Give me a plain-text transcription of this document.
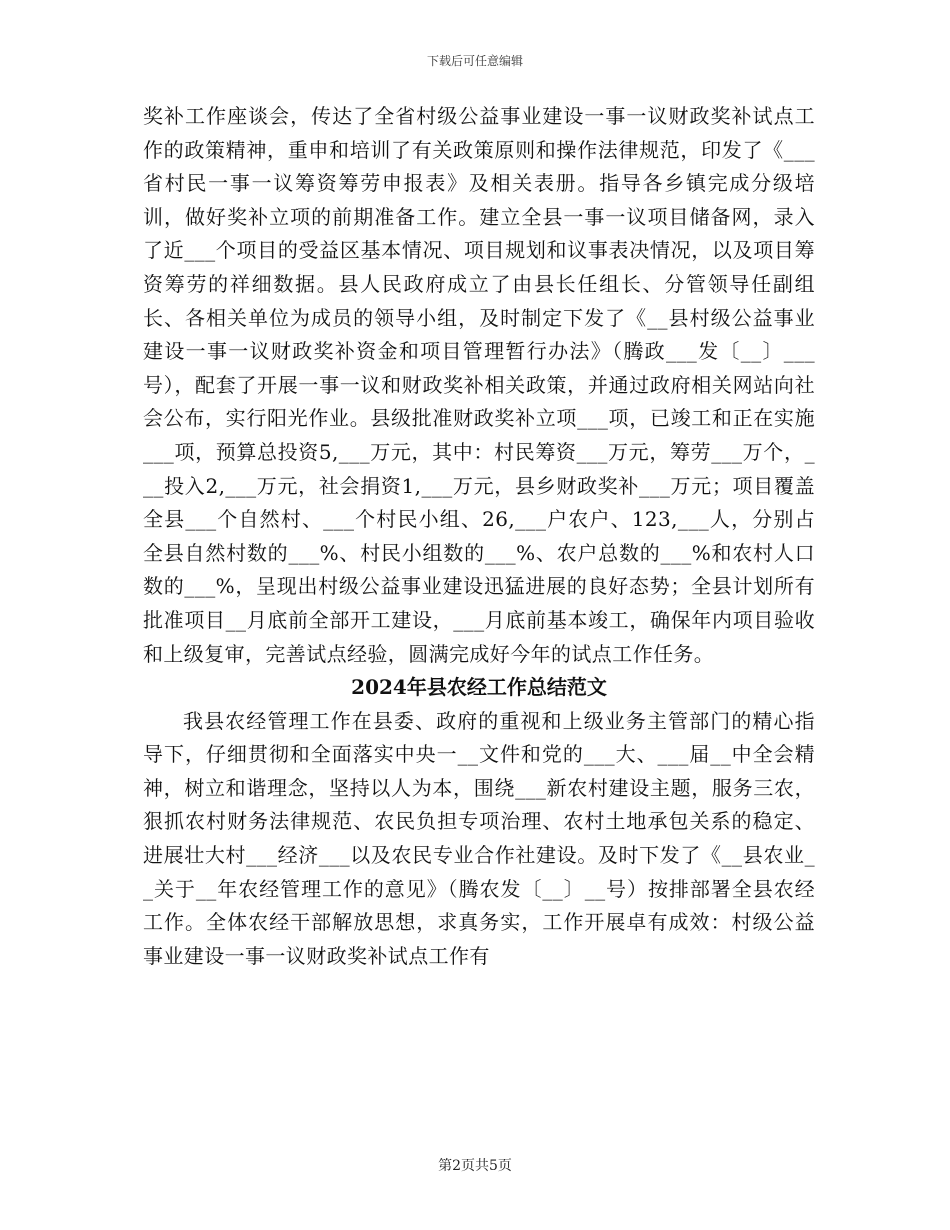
下载后可任意编辑

奖补工作座谈会，传达了全省村级公益事业建设一事一议财政奖补试点工作的政策精神，重申和培训了有关政策原则和操作法律规范，印发了《___省村民一事一议筹资筹劳申报表》及相关表册。指导各乡镇完成分级培训，做好奖补立项的前期准备工作。建立全县一事一议项目储备网，录入了近___个项目的受益区基本情况、项目规划和议事表决情况，以及项目筹资筹劳的祥细数据。县人民政府成立了由县长任组长、分管领导任副组长、各相关单位为成员的领导小组，及时制定下发了《__县村级公益事业建设一事一议财政奖补资金和项目管理暂行办法》（腾政___发〔__〕___号），配套了开展一事一议和财政奖补相关政策，并通过政府相关网站向社会公布，实行阳光作业。县级批准财政奖补立项___项，已竣工和正在实施___项，预算总投资5,___万元，其中：村民筹资___万元，筹劳___万个，___投入2,___万元，社会捐资1,___万元，县乡财政奖补___万元；项目覆盖全县___个自然村、___个村民小组、26,___户农户、123,___人，分别占全县自然村数的___%、村民小组数的___%、农户总数的___%和农村人口数的___%，呈现出村级公益事业建设迅猛进展的良好态势；全县计划所有批准项目__月底前全部开工建设，___月底前基本竣工，确保年内项目验收和上级复审，完善试点经验，圆满完成好今年的试点工作任务。

2024年县农经工作总结范文

我县农经管理工作在县委、政府的重视和上级业务主管部门的精心指导下，仔细贯彻和全面落实中央一__文件和党的___大、___届__中全会精神，树立和谐理念，坚持以人为本，围绕___新农村建设主题，服务三农，狠抓农村财务法律规范、农民负担专项治理、农村土地承包关系的稳定、进展壮大村___经济___以及农民专业合作社建设。及时下发了《__县农业__关于__年农经管理工作的意见》（腾农发〔__〕__号）按排部署全县农经工作。全体农经干部解放思想，求真务实，工作开展卓有成效：村级公益事业建设一事一议财政奖补试点工作有

第2页共5页
